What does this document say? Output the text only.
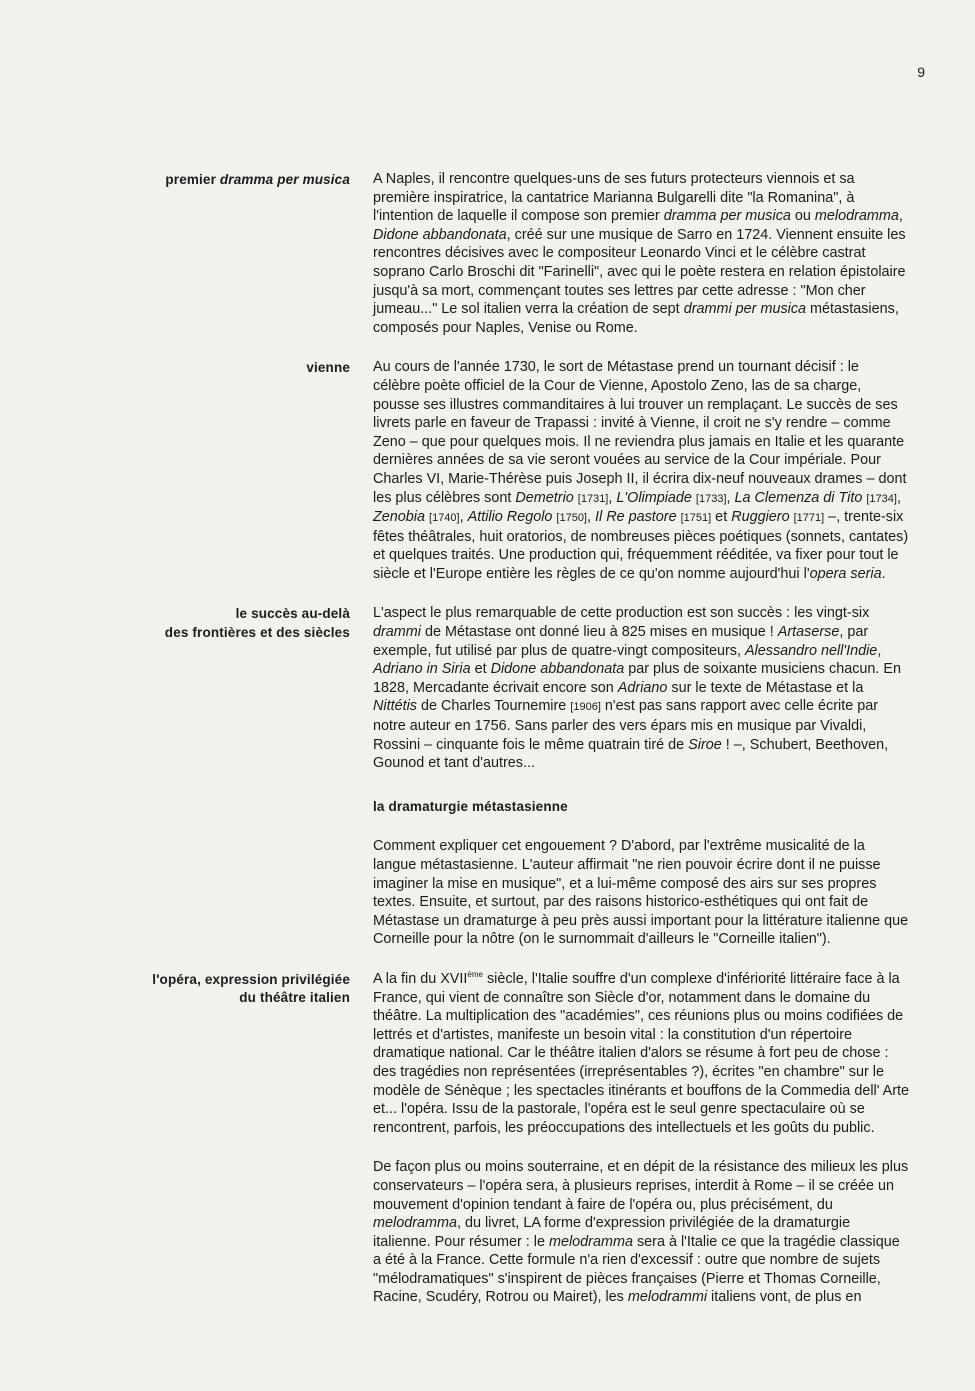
9
premier dramma per musica A Naples, il rencontre quelques-uns de ses futurs protecteurs viennois et sa première inspiratrice, la cantatrice Marianna Bulgarelli dite "la Romanina", à l'intention de laquelle il compose son premier dramma per musica ou melodramma, Didone abbandonata, créé sur une musique de Sarro en 1724. Viennent ensuite les rencontres décisives avec le compositeur Leonardo Vinci et le célèbre castrat soprano Carlo Broschi dit "Farinelli", avec qui le poète restera en relation épistolaire jusqu'à sa mort, commençant toutes ses lettres par cette adresse : "Mon cher jumeau..." Le sol italien verra la création de sept drammi per musica métastasiens, composés pour Naples, Venise ou Rome.

vienne Au cours de l'année 1730, le sort de Métastase prend un tournant décisif : le célèbre poète officiel de la Cour de Vienne, Apostolo Zeno, las de sa charge, pousse ses illustres commanditaires à lui trouver un remplaçant. Le succès de ses livrets parle en faveur de Trapassi : invité à Vienne, il croit ne s'y rendre – comme Zeno – que pour quelques mois. Il ne reviendra plus jamais en Italie et les quarante dernières années de sa vie seront vouées au service de la Cour impériale. Pour Charles VI, Marie-Thérèse puis Joseph II, il écrira dix-neuf nouveaux drames – dont les plus célèbres sont Demetrio [1731], L'Olimpiade [1733], La Clemenza di Tito [1734], Zenobia [1740], Attilio Regolo [1750], Il Re pastore [1751] et Ruggiero [1771] –, trente-six fêtes théâtrales, huit oratorios, de nombreuses pièces poétiques (sonnets, cantates) et quelques traités. Une production qui, fréquemment rééditée, va fixer pour tout le siècle et l'Europe entière les règles de ce qu'on nomme aujourd'hui l'opera seria.

le succès au-delà
des frontières et des siècles

L'aspect le plus remarquable de cette production est son succès : les vingt-six drammi de Métastase ont donné lieu à 825 mises en musique ! Artaserse, par exemple, fut utilisé par plus de quatre-vingt compositeurs, Alessandro nell'Indie, Adriano in Siria et Didone abbandonata par plus de soixante musiciens chacun. En 1828, Mercadante écrivait encore son Adriano sur le texte de Métastase et la Nittétis de Charles Tournemire [1906] n'est pas sans rapport avec celle écrite par notre auteur en 1756. Sans parler des vers épars mis en musique par Vivaldi, Rossini – cinquante fois le même quatrain tiré de Siroe ! –, Schubert, Beethoven, Gounod et tant d'autres...

la dramaturgie métastasienne

Comment expliquer cet engouement ? D'abord, par l'extrême musicalité de la langue métastasienne. L'auteur affirmait "ne rien pouvoir écrire dont il ne puisse imaginer la mise en musique", et a lui-même composé des airs sur ses propres textes. Ensuite, et surtout, par des raisons historico-esthétiques qui ont fait de Métastase un dramaturge à peu près aussi important pour la littérature italienne que Corneille pour la nôtre (on le surnommait d'ailleurs le "Corneille italien").

l'opéra, expression privilégiée
du théâtre italien

A la fin du XVIIème siècle, l'Italie souffre d'un complexe d'infériorité littéraire face à la France, qui vient de connaître son Siècle d'or, notamment dans le domaine du théâtre. La multiplication des "académies", ces réunions plus ou moins codifiées de lettrés et d'artistes, manifeste un besoin vital : la constitution d'un répertoire dramatique national. Car le théâtre italien d'alors se résume à fort peu de chose : des tragédies non représentées (irreprésentables ?), écrites "en chambre" sur le modèle de Sénèque ; les spectacles itinérants et bouffons de la Commedia dell' Arte et... l'opéra. Issu de la pastorale, l'opéra est le seul genre spectaculaire où se rencontrent, parfois, les préoccupations des intellectuels et les goûts du public.

De façon plus ou moins souterraine, et en dépit de la résistance des milieux les plus conservateurs – l'opéra sera, à plusieurs reprises, interdit à Rome – il se créée un mouvement d'opinion tendant à faire de l'opéra ou, plus précisément, du melodramma, du livret, LA forme d'expression privilégiée de la dramaturgie italienne. Pour résumer : le melodramma sera à l'Italie ce que la tragédie classique a été à la France. Cette formule n'a rien d'excessif : outre que nombre de sujets "mélodramatiques" s'inspirent de pièces françaises (Pierre et Thomas Corneille, Racine, Scudéry, Rotrou ou Mairet), les melodrammi italiens vont, de plus en
